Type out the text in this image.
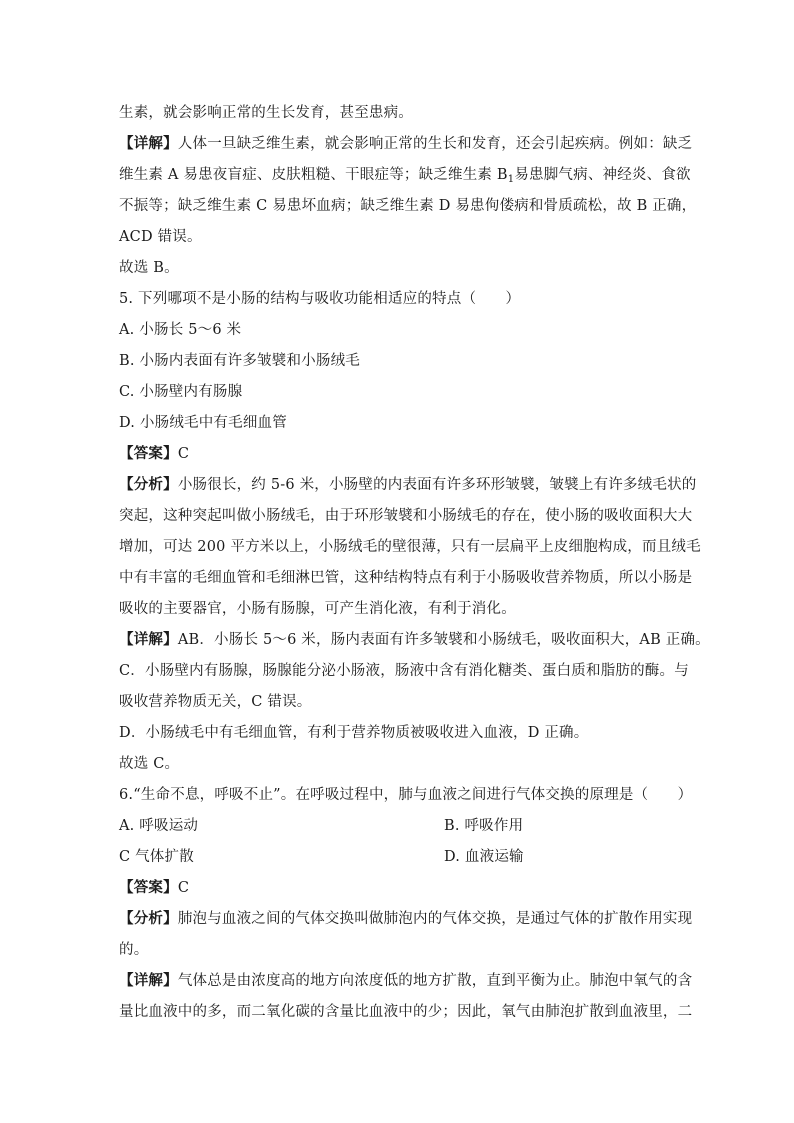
生素，就会影响正常的生长发育，甚至患病。
【详解】人体一旦缺乏维生素，就会影响正常的生长和发育，还会引起疾病。例如：缺乏
维生素 A 易患夜盲症、皮肤粗糙、干眼症等；缺乏维生素 $B_1$易患脚气病、神经炎、食欲
不振等；缺乏维生素 C 易患坏血病；缺乏维生素 D 易患佝偻病和骨质疏松，故 B 正确，
ACD 错误。
故选 B。
5. 下列哪项不是小肠的结构与吸收功能相适应的特点（　　）
A. 小肠长 5～6 米
B. 小肠内表面有许多皱襞和小肠绒毛
C. 小肠壁内有肠腺
D. 小肠绒毛中有毛细血管
【答案】C
【分析】小肠很长，约 5-6 米，小肠壁的内表面有许多环形皱襞，皱襞上有许多绒毛状的
突起，这种突起叫做小肠绒毛，由于环形皱襞和小肠绒毛的存在，使小肠的吸收面积大大
增加，可达 200 平方米以上，小肠绒毛的壁很薄，只有一层扁平上皮细胞构成，而且绒毛
中有丰富的毛细血管和毛细淋巴管，这种结构特点有利于小肠吸收营养物质，所以小肠是
吸收的主要器官，小肠有肠腺，可产生消化液，有利于消化。
【详解】AB．小肠长 5～6 米，肠内表面有许多皱襞和小肠绒毛，吸收面积大，AB 正确。
C．小肠壁内有肠腺，肠腺能分泌小肠液，肠液中含有消化糖类、蛋白质和脂肪的酶。与
吸收营养物质无关，C 错误。
D．小肠绒毛中有毛细血管，有利于营养物质被吸收进入血液，D 正确。
故选 C。
6.“生命不息，呼吸不止”。在呼吸过程中，肺与血液之间进行气体交换的原理是（　　）
A. 呼吸运动	B. 呼吸作用
C 气体扩散	D. 血液运输
【答案】C
【分析】肺泡与血液之间的气体交换叫做肺泡内的气体交换，是通过气体的扩散作用实现
的。
【详解】气体总是由浓度高的地方向浓度低的地方扩散，直到平衡为止。肺泡中氧气的含
量比血液中的多，而二氧化碳的含量比血液中的少；因此，氧气由肺泡扩散到血液里，二
